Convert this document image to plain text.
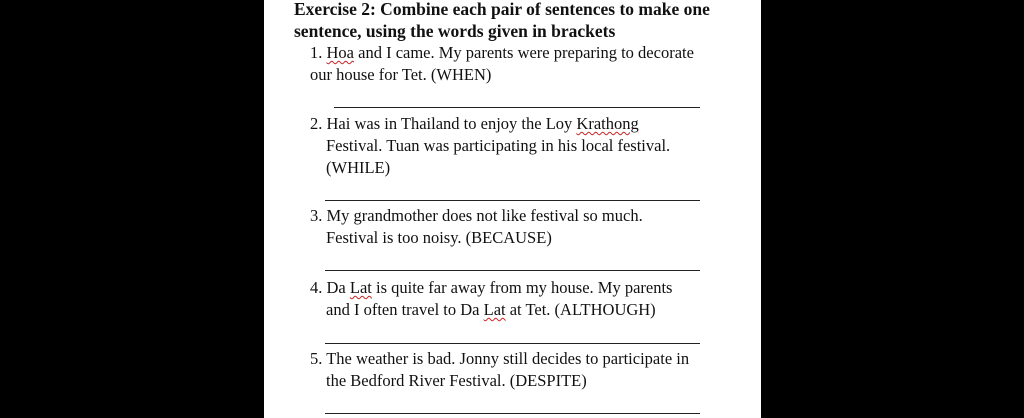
Exercise 2: Combine each pair of sentences to make one
sentence, using the words given in brackets
1. Hoa and I came. My parents were preparing to decorate
our house for Tet. (WHEN)
2. Hai was in Thailand to enjoy the Loy Krathong
Festival. Tuan was participating in his local festival.
(WHILE)
3. My grandmother does not like festival so much.
Festival is too noisy. (BECAUSE)
4. Da Lat is quite far away from my house. My parents
and I often travel to Da Lat at Tet. (ALTHOUGH)
5. The weather is bad. Jonny still decides to participate in
the Bedford River Festival. (DESPITE)
